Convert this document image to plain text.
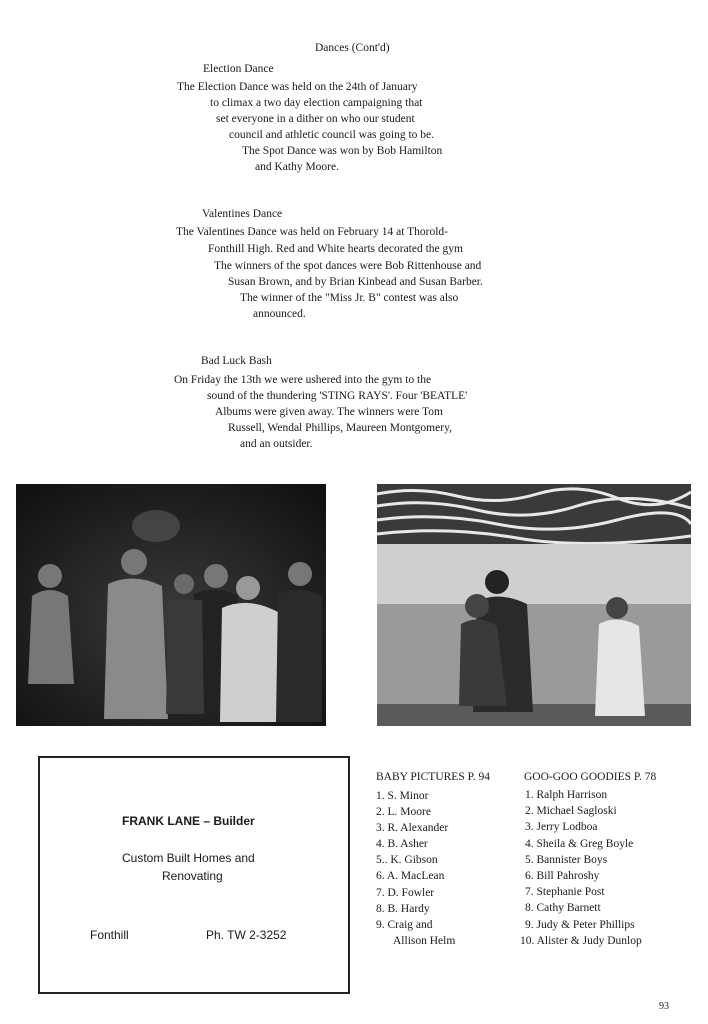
Dances (Cont'd)
Election Dance
The Election Dance was held on the 24th of January
to climax a two day election campaigning that
set everyone in a dither on who our student
council and athletic council was going to be.
The Spot Dance was won by Bob Hamilton
and Kathy Moore.
Valentines Dance
The Valentines Dance was held on February 14 at Thorold-
Fonthill High. Red and White hearts decorated the gym
The winners of the spot dances were Bob Rittenhouse and
Susan Brown, and by Brian Kinbead and Susan Barber.
The winner of the "Miss Jr. B" contest was also
announced.
Bad Luck Bash
On Friday the 13th we were ushered into the gym to the
sound of the thundering 'STING RAYS'. Four 'BEATLE'
Albums were given away. The winners were Tom
Russell, Wendal Phillips, Maureen Montgomery,
and an outsider.
FRANK LANE – Builder
Custom Built Homes and
Renovating
Fonthill	Ph. TW 2-3252
BABY PICTURES P. 94
1. S. Minor
2. L. Moore
3. R. Alexander
4. B. Asher
5.. K. Gibson
6. A. MacLean
7. D. Fowler
8. B. Hardy
9. Craig and
Allison Helm
GOO-GOO GOODIES P. 78
1. Ralph Harrison
2. Michael Sagloski
3. Jerry Lodboa
4. Sheila & Greg Boyle
5. Bannister Boys
6. Bill Pahroshy
7. Stephanie Post
8. Cathy Barnett
9. Judy & Peter Phillips
10. Alister & Judy Dunlop
93
